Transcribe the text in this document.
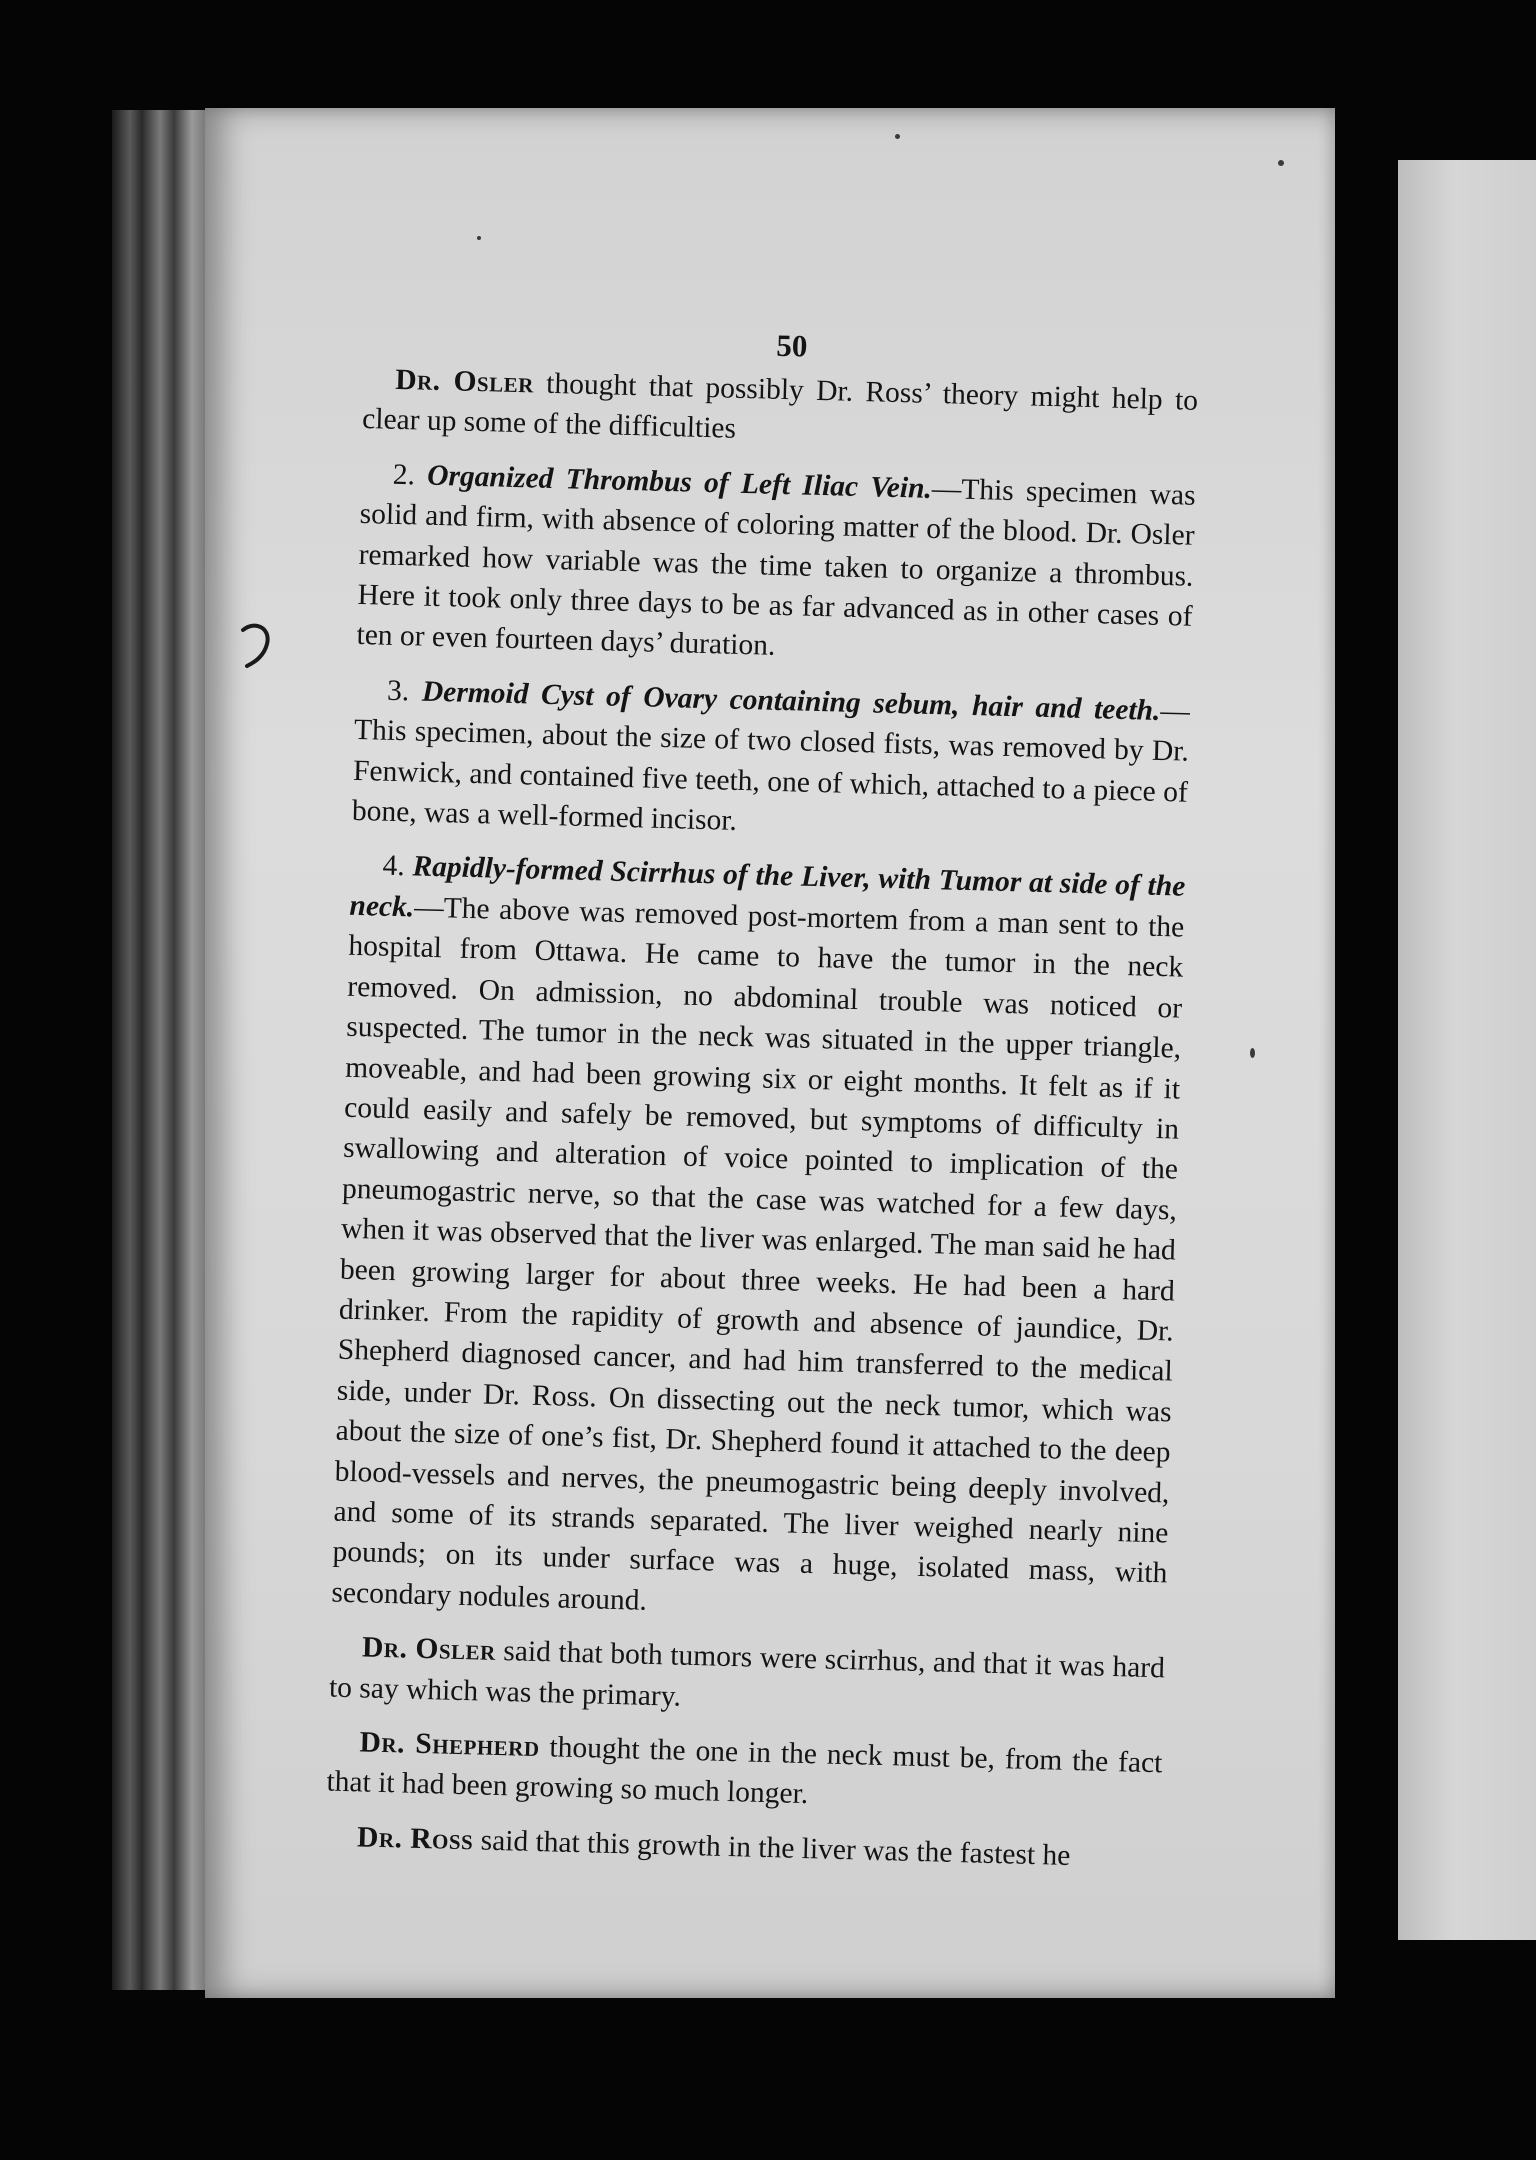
50

Dr. Osler thought that possibly Dr. Ross’ theory might help to clear up some of the difficulties

2. Organized Thrombus of Left Iliac Vein.—This specimen was solid and firm, with absence of coloring matter of the blood. Dr. Osler remarked how variable was the time taken to organize a thrombus. Here it took only three days to be as far advanced as in other cases of ten or even fourteen days’ duration.

3. Dermoid Cyst of Ovary containing sebum, hair and teeth.—This specimen, about the size of two closed fists, was removed by Dr. Fenwick, and contained five teeth, one of which, attached to a piece of bone, was a well-formed incisor.

4. Rapidly-formed Scirrhus of the Liver, with Tumor at side of the neck.—The above was removed post-mortem from a man sent to the hospital from Ottawa. He came to have the tumor in the neck removed. On admission, no abdominal trouble was noticed or suspected. The tumor in the neck was situated in the upper triangle, moveable, and had been growing six or eight months. It felt as if it could easily and safely be removed, but symptoms of difficulty in swallowing and alteration of voice pointed to implication of the pneumogastric nerve, so that the case was watched for a few days, when it was observed that the liver was enlarged. The man said he had been growing larger for about three weeks. He had been a hard drinker. From the rapidity of growth and absence of jaundice, Dr. Shepherd diagnosed cancer, and had him transferred to the medical side, under Dr. Ross. On dissecting out the neck tumor, which was about the size of one’s fist, Dr. Shepherd found it attached to the deep blood-vessels and nerves, the pneumogastric being deeply involved, and some of its strands separated. The liver weighed nearly nine pounds; on its under surface was a huge, isolated mass, with secondary nodules around.

Dr. Osler said that both tumors were scirrhus, and that it was hard to say which was the primary.

Dr. Shepherd thought the one in the neck must be, from the fact that it had been growing so much longer.

Dr. Ross said that this growth in the liver was the fastest he
